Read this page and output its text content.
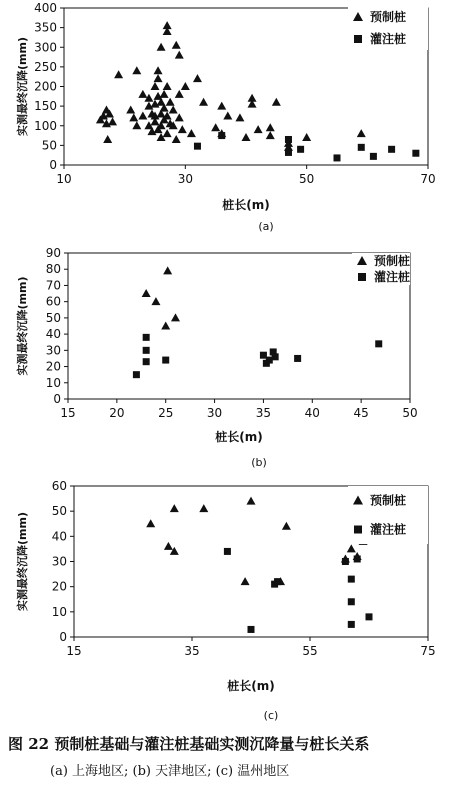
10	30	50	70
0
50
100
150
200
250
300
350
400
桩长(m)
实测最终沉降(mm)
(a)
预制桩
灌注桩
15	20	25	30	35	40	45	50
0
10
20
30
40
50
60
70
80
90
桩长(m)
实测最终沉降(mm)
(b)
预制桩
灌注桩
15	35	55	75
0
10
20
30
40
50
60
桩长(m)
实测最终沉降(mm)
(c)
预制桩
灌注桩
图 22 预制桩基础与灌注桩基础实测沉降量与桩长关系
(a) 上海地区; (b) 天津地区; (c) 温州地区
